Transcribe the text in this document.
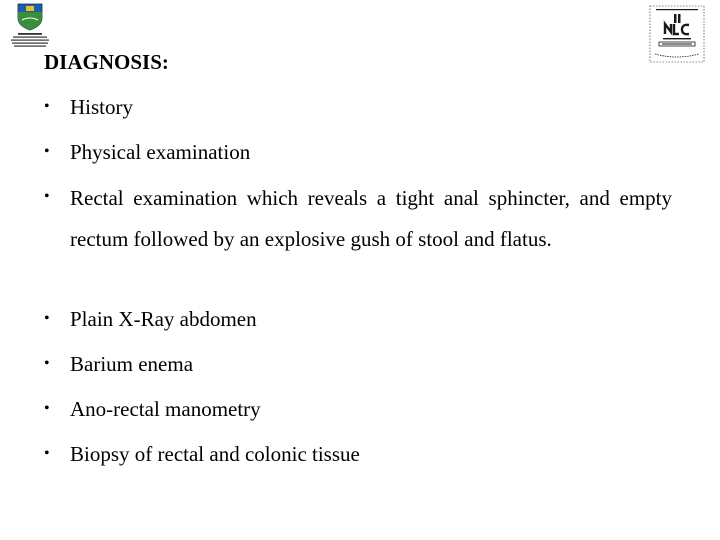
DIAGNOSIS:
• History
• Physical examination
• Rectal examination which reveals a tight anal sphincter, and empty rectum followed by an explosive gush of stool and flatus.
• Plain X-Ray abdomen
• Barium enema
• Ano-rectal manometry
• Biopsy of rectal and colonic tissue
